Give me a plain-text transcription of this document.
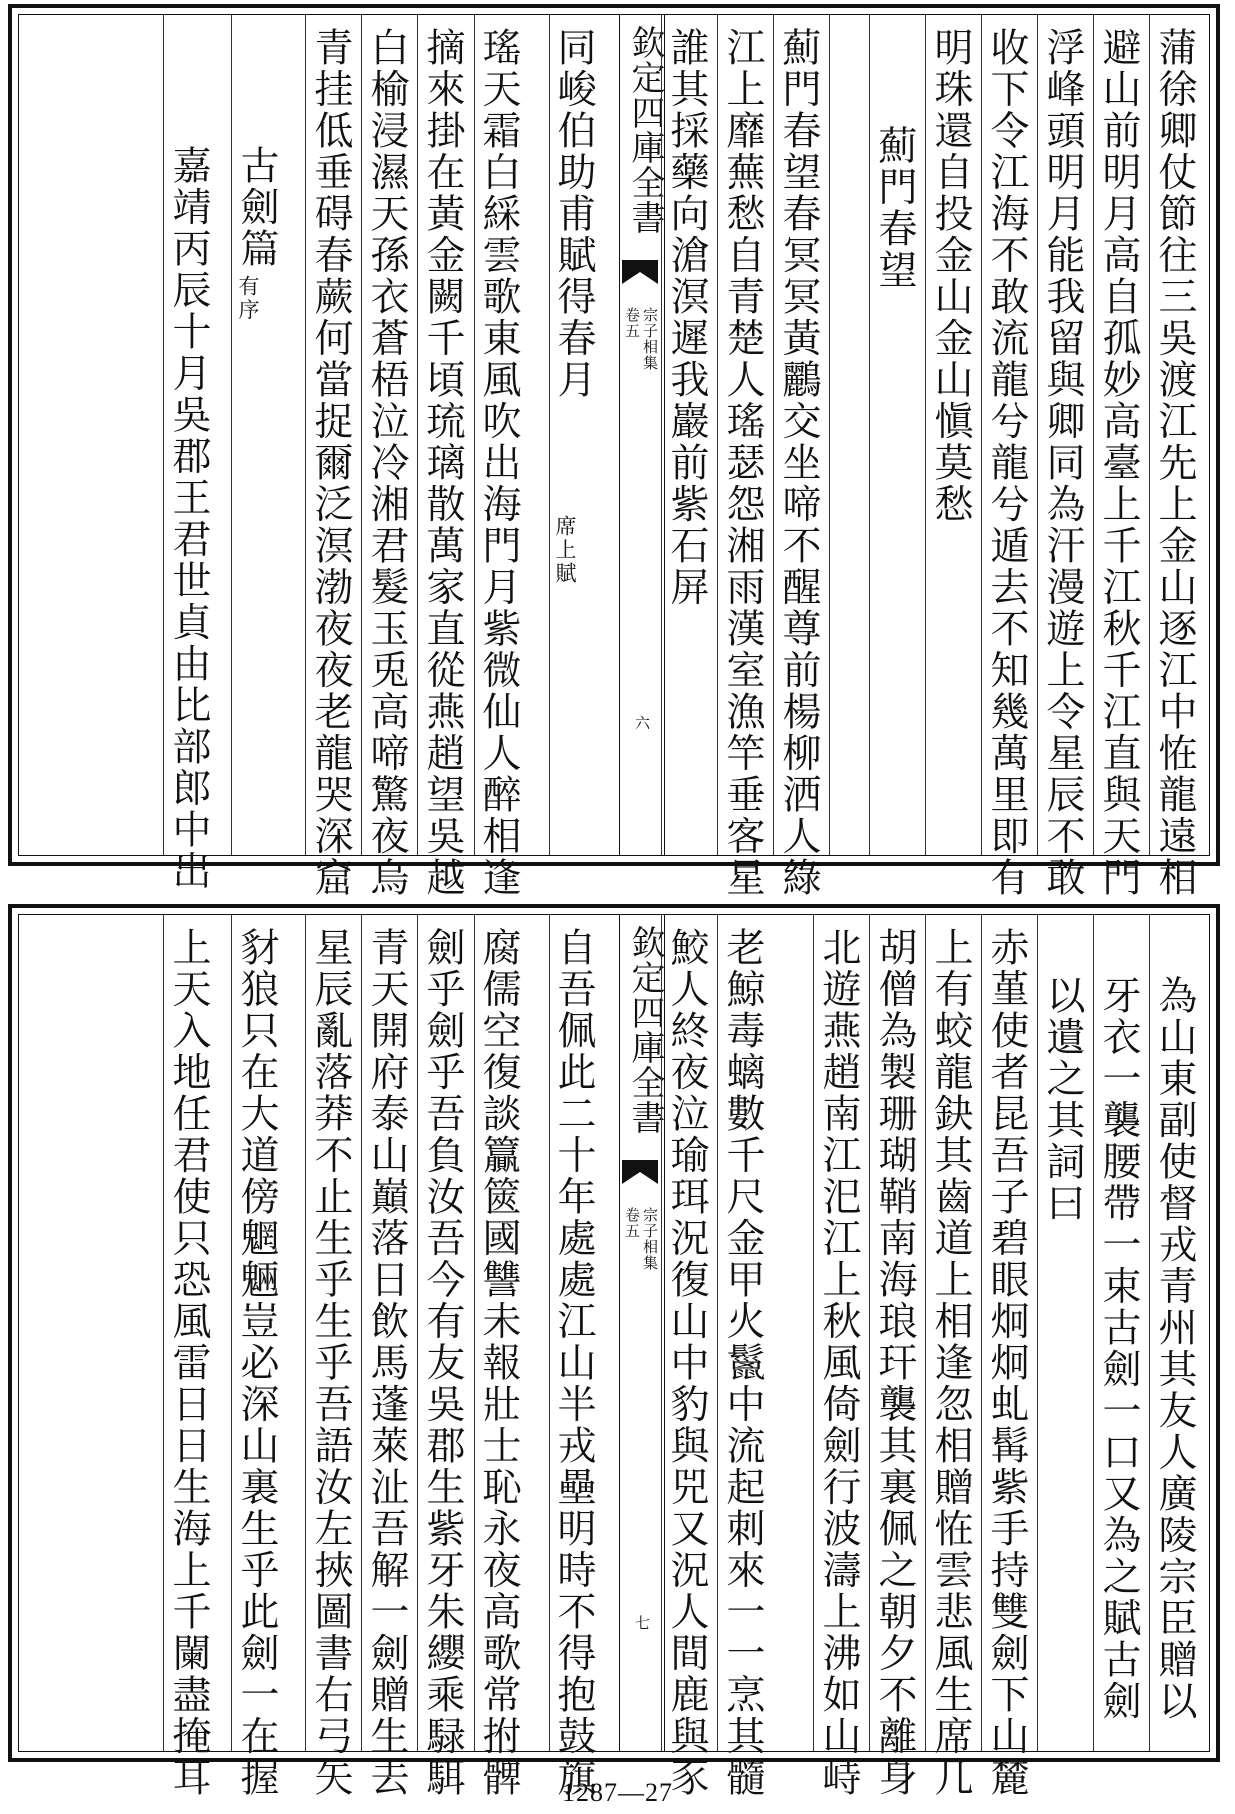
蒲徐卿仗節往三吳渡江先上金山逐江中恠龍遠相
避山前明月高自孤妙高臺上千江秋千江直與天門
浮峰頭明月能我留與卿同為汗漫遊上令星辰不敢
收下令江海不敢流龍兮龍兮遁去不知幾萬里即有
明珠還自投金山金山愼莫愁
薊門春望
薊門春望春冥冥黃鸝交坐啼不醒尊前楊柳洒人綠
江上靡蕪愁自青楚人瑤瑟怨湘雨漢室漁竿垂客星
誰其採藥向滄溟遲我巖前紫石屏
欽定四庫全書
卷五 宗子相集
六
同峻伯助甫賦得春月
席上賦
瑤天霜白綵雲歌東風吹出海門月紫微仙人醉相逢
摘來掛在黃金闕千頃琉璃散萬家直從燕趙望吳越
白榆浸濕天孫衣蒼梧泣冷湘君髮玉兎高啼驚夜烏
青挂低垂碍春蕨何當捉爾泛溟渤夜夜老龍哭深窟
古劍篇
有序
嘉靖丙辰十月吳郡王君世貞由比部郎中出
為山東副使督戎青州其友人廣陵宗臣贈以
牙衣一襲腰帶一束古劍一口又為之賦古劍
以遺之其詞曰
赤堇使者昆吾子碧眼炯炯虬髯紫手持雙劍下山麓
上有蛟龍鈌其齒道上相逢忽相贈恠雲悲風生席几
胡僧為製珊瑚鞘南海琅玕襲其裏佩之朝夕不離身
北遊燕趙南江汜江上秋風倚劍行波濤上沸如山峙
老鯨毒螭數千尺金甲火鬣中流起刺來一一烹其髓
鮫人終夜泣瑜珥況復山中豹與兕又況人間鹿與豕
欽定四庫全書
卷五 宗子相集
七
自吾佩此二十年處處江山半戎壘明時不得抱鼓旗
腐儒空復談籯篋國讐未報壯士恥永夜高歌常拊髀
劍乎劍乎吾負汝吾今有友吳郡生紫牙朱纓乘騄駬
青天開府泰山巔落日飲馬蓬萊沚吾解一劍贈生去
星辰亂落莽不止生乎生乎吾語汝左挾圖書右弓矢
豺狼只在大道傍魍魎豈必深山裏生乎此劍一在握
上天入地任君使只恐風雷日日生海上千闌盡掩耳	1287—27
